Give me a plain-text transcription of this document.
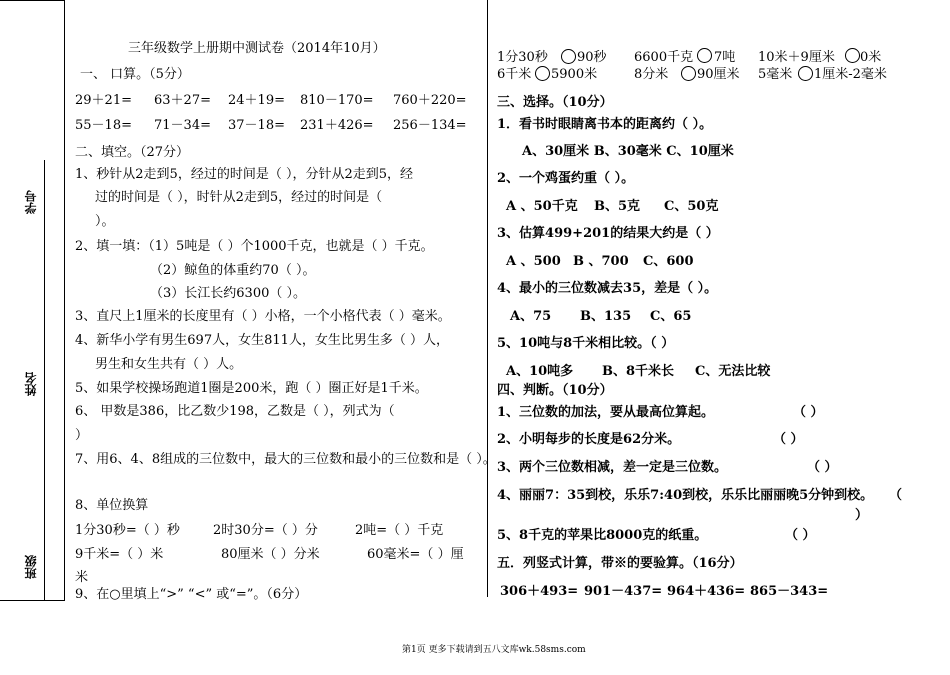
学号
姓名
班级
三年级数学上册期中测试卷（2014年10月）
一、 口算。（5分）
29＋21= 63＋27= 24＋19= 810－170= 760＋220=
55－18= 71－34= 37－18= 231＋426= 256－134=
二、填空。（27分）
1、秒针从2走到5，经过的时间是（ ），分针从2走到5，经
过的时间是（ ），时针从2走到5，经过的时间是（
）。
2、填一填：（1）5吨是（ ）个1000千克，也就是（ ）千克。
（2）鲸鱼的体重约70（ ）。
（3）长江长约6300（ ）。
3、直尺上1厘米的长度里有（ ）小格，一个小格代表（ ）毫米。
4、新华小学有男生697人，女生811人，女生比男生多（ ）人，
男生和女生共有（ ）人。
5、如果学校操场跑道1圈是200米，跑（ ）圈正好是1千米。
6、 甲数是386，比乙数少198，乙数是（ ），列式为（
）
7、用6、4、8组成的三位数中，最大的三位数和最小的三位数和是（ ）。
8、单位换算
1分30秒=（ ）秒	2时30分=（ ）分	2吨=（ ）千克
9千米=（ ）米	80厘米（ ）分米	60毫米=（ ）厘
米
9、在○里填上“>” “<” 或“=”。（6分）
1分30秒 90秒 6600千克 7吨 10米＋9厘米 0米
6千米 5900米	8分米 90厘米 5毫米 1厘米-2毫米
三、选择。（10分）
1．看书时眼睛离书本的距离约（ ）。
A、30厘米 B、30毫米 C、10厘米
2、一个鸡蛋约重（ ）。
A 、50千克 B、5克 C、50克
3、估算499+201的结果大约是（ ）
A 、500 B 、700 C、600
4、最小的三位数减去35，差是（ ）。
A、75 B、135 C、65
5、10吨与8千米相比较。（ ）
A、10吨多 B、8千米长 C、无法比较
四、判断。（10分）
1、三位数的加法，要从最高位算起。	（ ）
2、小明每步的长度是62分米。	（ ）
3、两个三位数相减，差一定是三位数。	（ ）
4、丽丽7：35到校，乐乐7:40到校，乐乐比丽丽晚5分钟到校。 （
）
5、8千克的苹果比8000克的纸重。	（ ）
五．列竖式计算，带※的要验算。（16分）
306＋493= 901－437= 964＋436= 865－343=
第1页 更多下载请到五八文库wk.58sms.com
